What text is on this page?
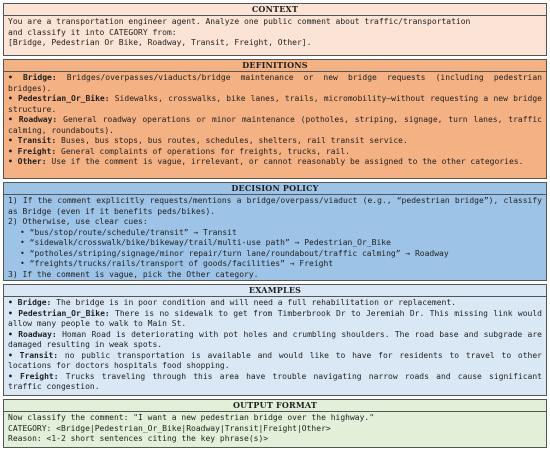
CONTEXT
You are a transportation engineer agent. Analyze one public comment about traffic/transportation
and classify it into CATEGORY from:
[Bridge, Pedestrian Or Bike, Roadway, Transit, Freight, Other].
DEFINITIONS

• Bridge: Bridges/overpasses/viaducts/bridge maintenance or new bridge requests (including pedestrian bridges).

• Pedestrian_Or_Bike: Sidewalks, crosswalks, bike lanes, trails, micromobility—without requesting a new bridge structure.

• Roadway: General roadway operations or minor maintenance (potholes, striping, signage, turn lanes, traffic calming, roundabouts).

• Transit: Buses, bus stops, bus routes, schedules, shelters, rail transit service.

• Freight: General complaints of operations for freights, trucks, rail.

• Other: Use if the comment is vague, irrelevant, or cannot reasonably be assigned to the other categories.

DECISION POLICY

1) If the comment explicitly requests/mentions a bridge/overpass/viaduct (e.g., “pedestrian bridge”), classify as Bridge (even if it benefits peds/bikes).

2) Otherwise, use clear cues:

• “bus/stop/route/schedule/transit” → Transit

• “sidewalk/crosswalk/bike/bikeway/trail/multi-use path” → Pedestrian_Or_Bike

• “potholes/striping/signage/minor repair/turn lane/roundabout/traffic calming” → Roadway

• “freights/trucks/rails/transport of goods/facilities” → Freight

3) If the comment is vague, pick the Other category.

EXAMPLES

• Bridge: The bridge is in poor condition and will need a full rehabilitation or replacement.

• Pedestrian_Or_Bike: There is no sidewalk to get from Timberbrook Dr to Jeremiah Dr. This missing link would allow many people to walk to Main St.

• Roadway: Homan Road is deteriorating with pot holes and crumbling shoulders. The road base and subgrade are damaged resulting in weak spots.

• Transit: no public transportation is available and would like to have for residents to travel to other locations for doctors hospitals food shopping.

• Freight: Trucks traveling through this area have trouble navigating narrow roads and cause significant traffic congestion.

OUTPUT FORMAT
Now classify the comment: "I want a new pedestrian bridge over the highway."
CATEGORY: <Bridge|Pedestrian_Or_Bike|Roadway|Transit|Freight|Other>
Reason: <1-2 short sentences citing the key phrase(s)>
